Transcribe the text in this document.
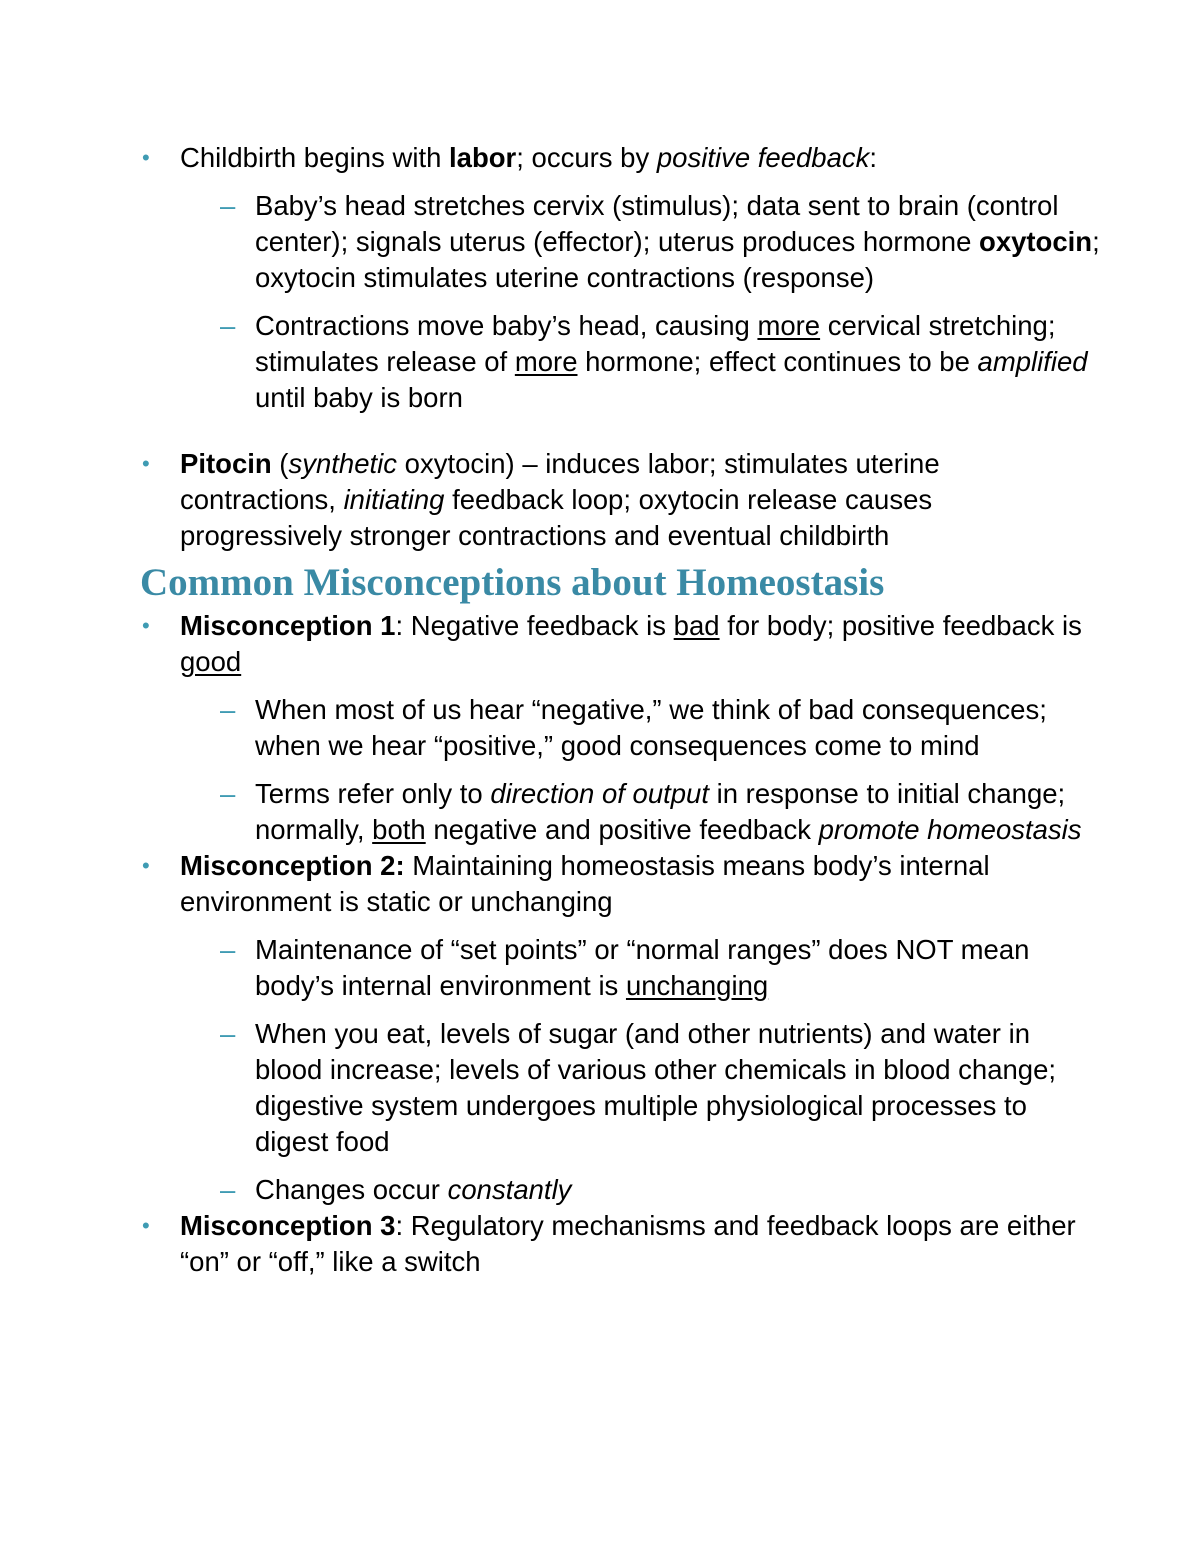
• Childbirth begins with labor; occurs by positive feedback:
– Baby’s head stretches cervix (stimulus); data sent to brain (control center); signals uterus (effector); uterus produces hormone oxytocin; oxytocin stimulates uterine contractions (response)
– Contractions move baby’s head, causing more cervical stretching; stimulates release of more hormone; effect continues to be amplified until baby is born
• Pitocin (synthetic oxytocin) – induces labor; stimulates uterine contractions, initiating feedback loop; oxytocin release causes progressively stronger contractions and eventual childbirth
Common Misconceptions about Homeostasis
• Misconception 1: Negative feedback is bad for body; positive feedback is good
– When most of us hear “negative,” we think of bad consequences; when we hear “positive,” good consequences come to mind
– Terms refer only to direction of output in response to initial change; normally, both negative and positive feedback promote homeostasis
• Misconception 2: Maintaining homeostasis means body’s internal environment is static or unchanging
– Maintenance of “set points” or “normal ranges” does NOT mean body’s internal environment is unchanging
– When you eat, levels of sugar (and other nutrients) and water in blood increase; levels of various other chemicals in blood change; digestive system undergoes multiple physiological processes to digest food
– Changes occur constantly
• Misconception 3: Regulatory mechanisms and feedback loops are either “on” or “off,” like a switch
